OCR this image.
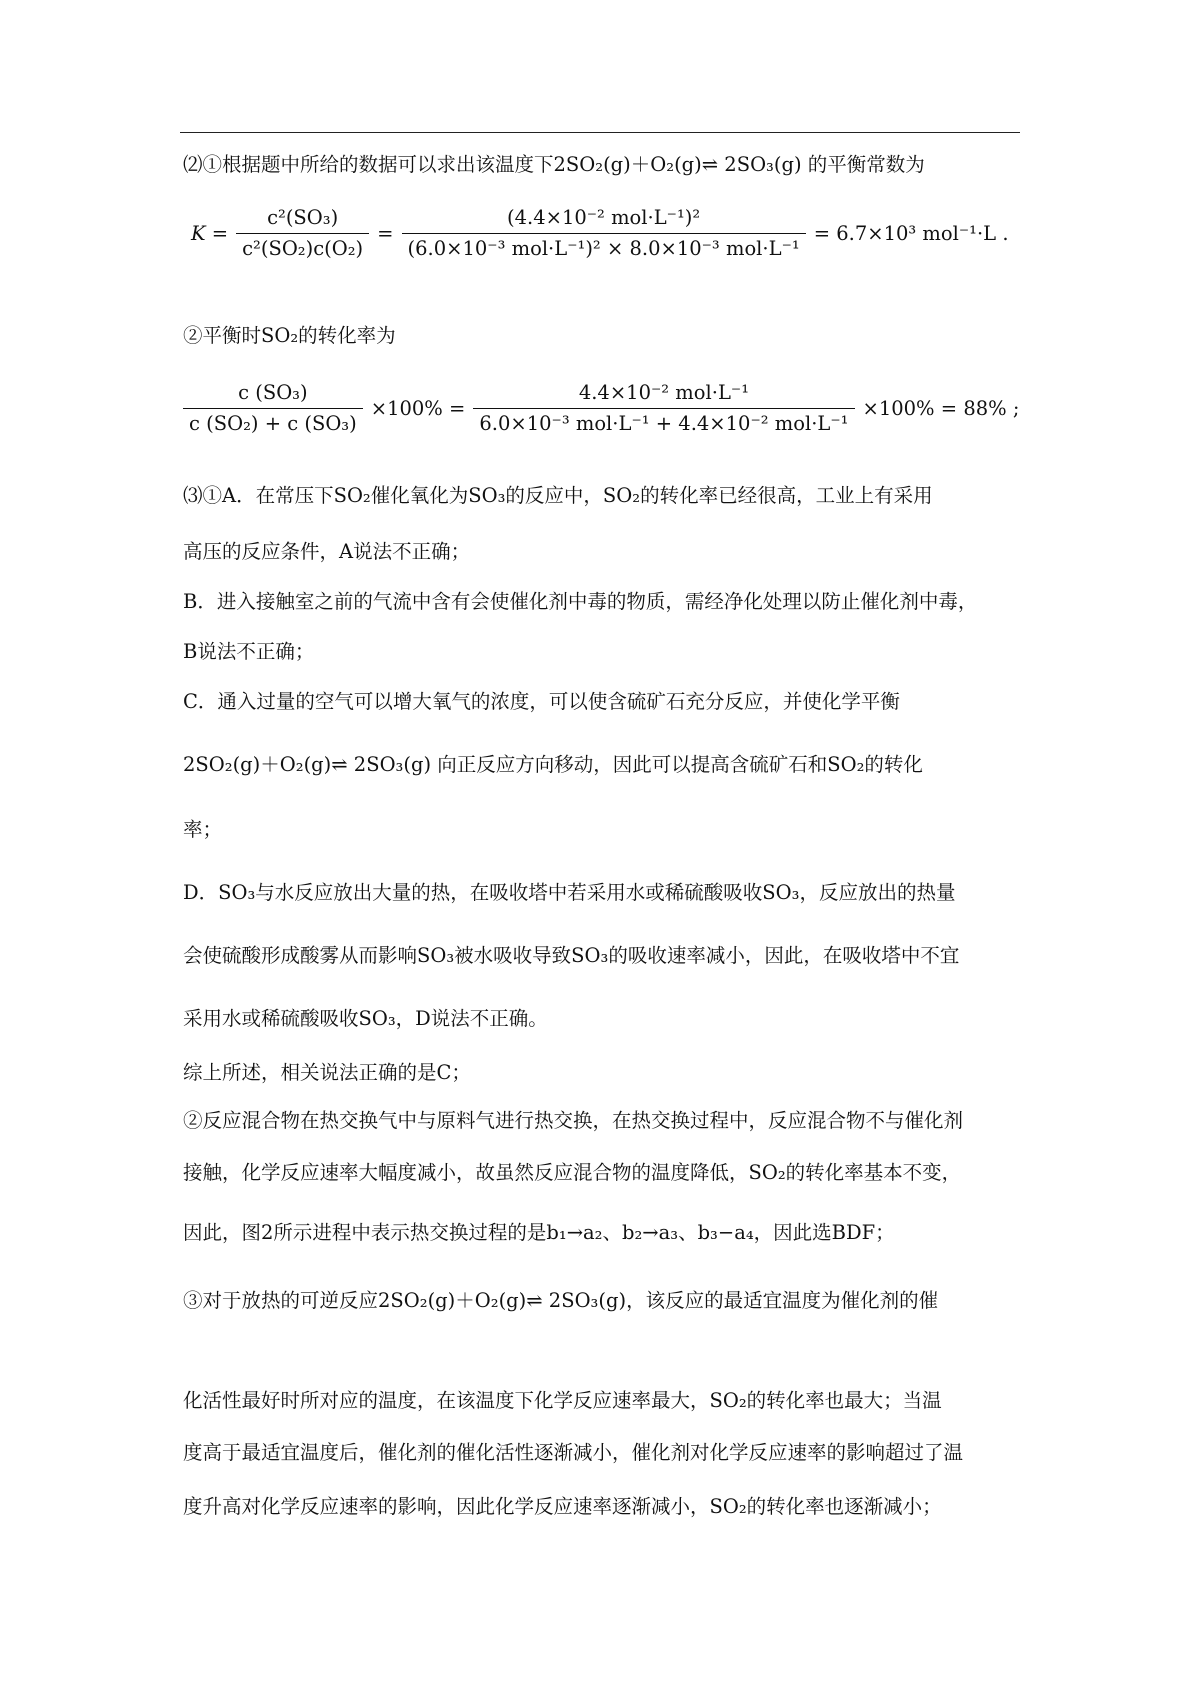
⑵①根据题中所给的数据可以求出该温度下2SO₂(g)＋O₂(g)⇌ 2SO₃(g) 的平衡常数为
$K = \frac{\text{c²(SO₃)}}{\text{c²(SO₂)c(O₂)}} = \frac{\text{(4.4×10⁻² mol·L⁻¹)²}}{\text{(6.0×10⁻³ mol·L⁻¹)² × 8.0×10⁻³ mol·L⁻¹}} = 6.7\times 10^3$ mol⁻¹·L .
②平衡时SO₂的转化率为
$\frac{\text{c (SO₃)}}{\text{c (SO₂) + c (SO₃)}} \times 100\% = \frac{\text{4.4×10⁻² mol·L⁻¹}}{\text{6.0×10⁻³ mol·L⁻¹ + 4.4×10⁻² mol·L⁻¹}} \times 100\% = 88\%$ ;
⑶①A．在常压下SO₂催化氧化为SO₃的反应中，SO₂的转化率已经很高，工业上有采用
高压的反应条件，A说法不正确；
B．进入接触室之前的气流中含有会使催化剂中毒的物质，需经净化处理以防止催化剂中毒，
B说法不正确；
C．通入过量的空气可以增大氧气的浓度，可以使含硫矿石充分反应，并使化学平衡
2SO₂(g)＋O₂(g)⇌ 2SO₃(g) 向正反应方向移动，因此可以提高含硫矿石和SO₂的转化
率；
D．SO₃与水反应放出大量的热，在吸收塔中若采用水或稀硫酸吸收SO₃，反应放出的热量
会使硫酸形成酸雾从而影响SO₃被水吸收导致SO₃的吸收速率减小，因此，在吸收塔中不宜
采用水或稀硫酸吸收SO₃，D说法不正确。
综上所述，相关说法正确的是C；
②反应混合物在热交换气中与原料气进行热交换，在热交换过程中，反应混合物不与催化剂
接触，化学反应速率大幅度减小，故虽然反应混合物的温度降低，SO₂的转化率基本不变，
因此，图2所示进程中表示热交换过程的是b₁→a₂、b₂→a₃、b₃−a₄，因此选BDF；
③对于放热的可逆反应2SO₂(g)＋O₂(g)⇌ 2SO₃(g)，该反应的最适宜温度为催化剂的催
化活性最好时所对应的温度，在该温度下化学反应速率最大，SO₂的转化率也最大；当温
度高于最适宜温度后，催化剂的催化活性逐渐减小，催化剂对化学反应速率的影响超过了温
度升高对化学反应速率的影响，因此化学反应速率逐渐减小，SO₂的转化率也逐渐减小；
